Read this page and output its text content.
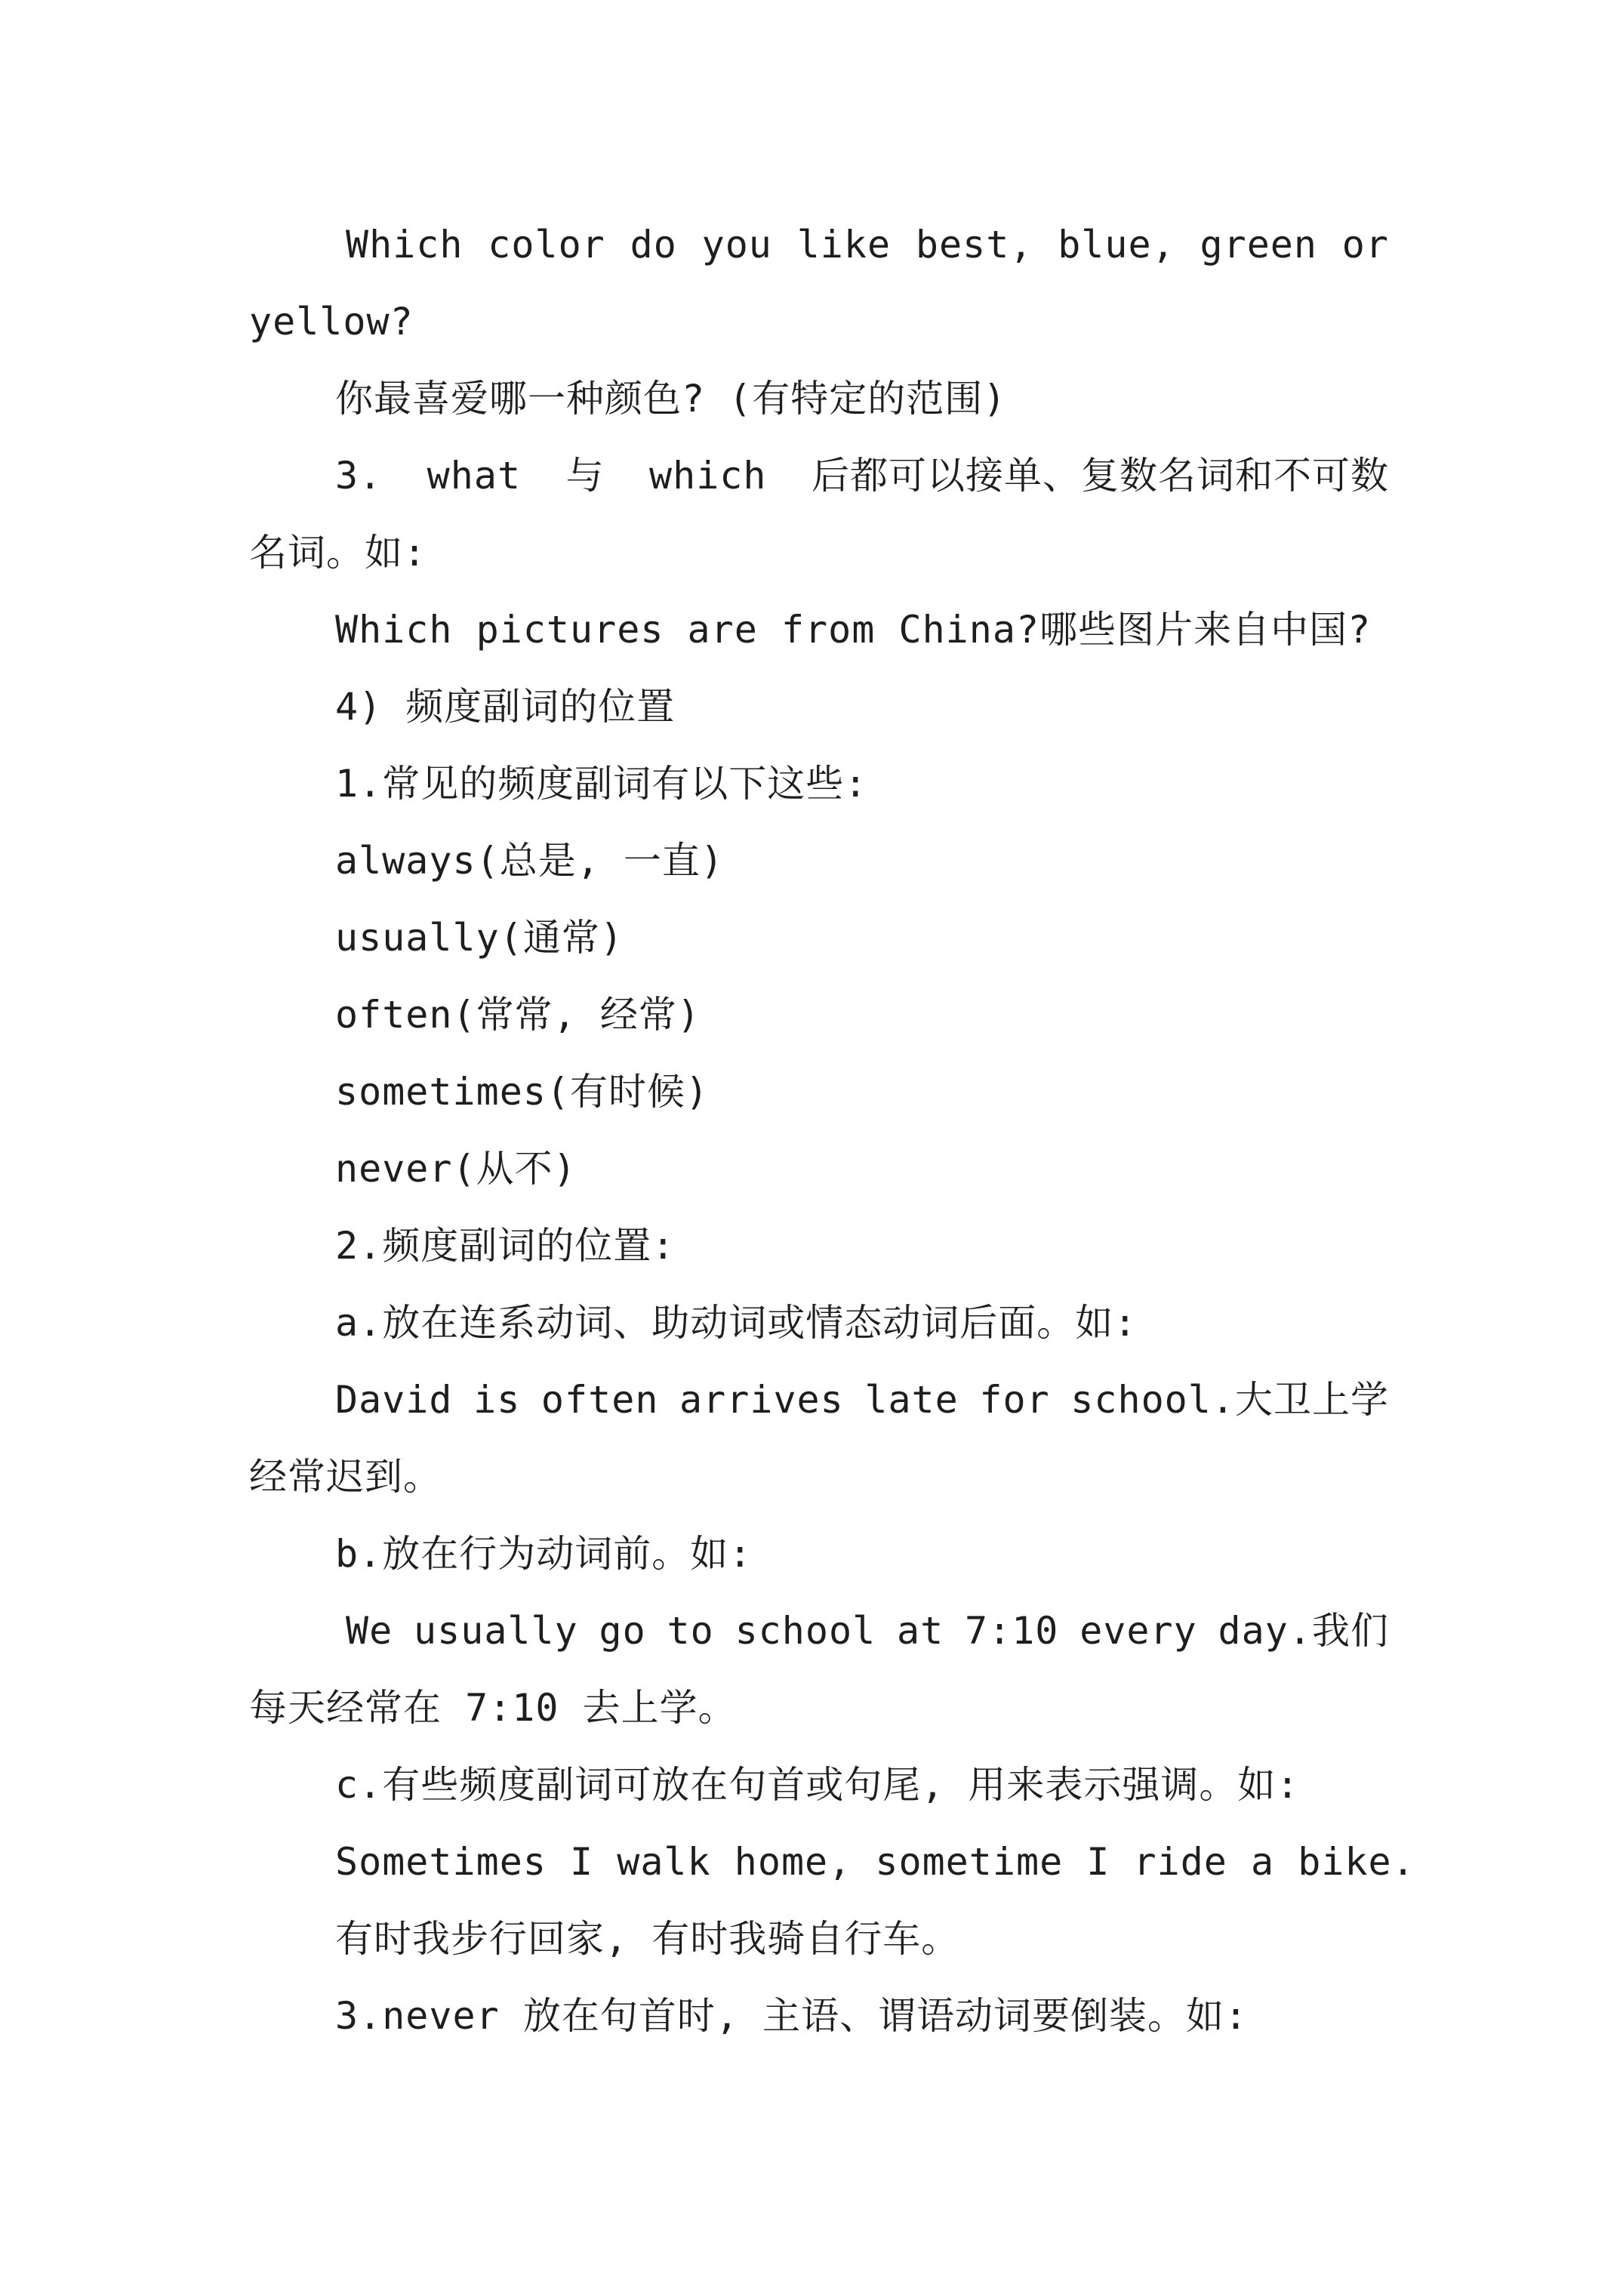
Which color do you like best, blue, green or
yellow?
你最喜爱哪一种颜色? (有特定的范围)
3. what 与 which 后都可以接单、复数名词和不可数
名词。如:
Which pictures are from China?哪些图片来自中国?
4) 频度副词的位置
1.常见的频度副词有以下这些:
always(总是, 一直)
usually(通常)
often(常常, 经常)
sometimes(有时候)
never(从不)
2.频度副词的位置:
a.放在连系动词、助动词或情态动词后面。如:
David is often arrives late for school.大卫上学
经常迟到。
b.放在行为动词前。如:
We usually go to school at 7:10 every day.我们
每天经常在 7:10 去上学。
c.有些频度副词可放在句首或句尾, 用来表示强调。如:
Sometimes I walk home, sometime I ride a bike.
有时我步行回家, 有时我骑自行车。
3.never 放在句首时, 主语、谓语动词要倒装。如:
